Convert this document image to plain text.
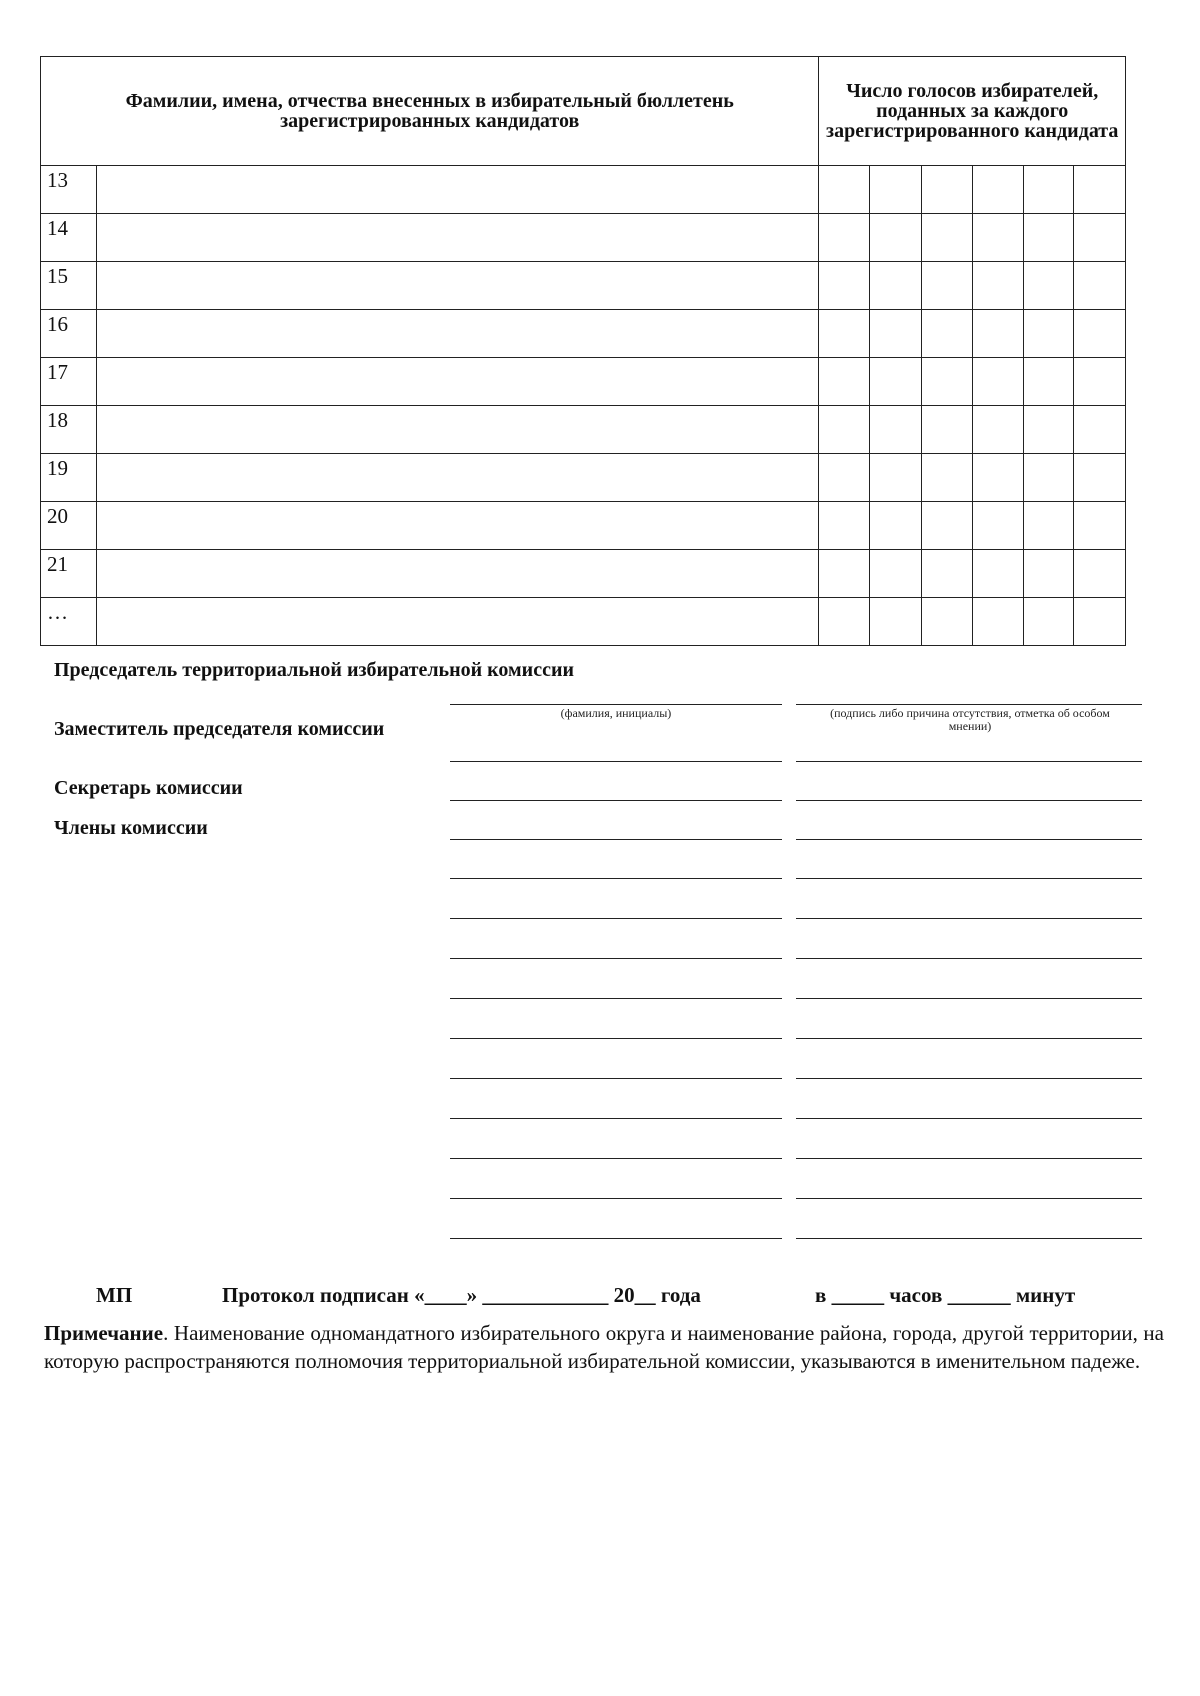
Фамилии, имена, отчества внесенных в избирательный бюллетень зарегистрированных кандидатов		Число голосов избирателей, поданных за каждого зарегистрированного кандидата					
13							
14							
15							
16							
17							
18							
19							
20							
21							
…							
Председатель территориальной избирательной комиссии
Заместитель председателя комиссии
Секретарь комиссии
Члены комиссии
(фамилия, инициалы)	(подпись либо причина отсутствия, отметка об особом мнении)
МП	Протокол подписан «____» ____________ 20__ года	в _____ часов ______ минут
Примечание. Наименование одномандатного избирательного округа и наименование района, города, другой территории, на которую распространяются полномочия территориальной избирательной комиссии, указываются в именительном падеже.
